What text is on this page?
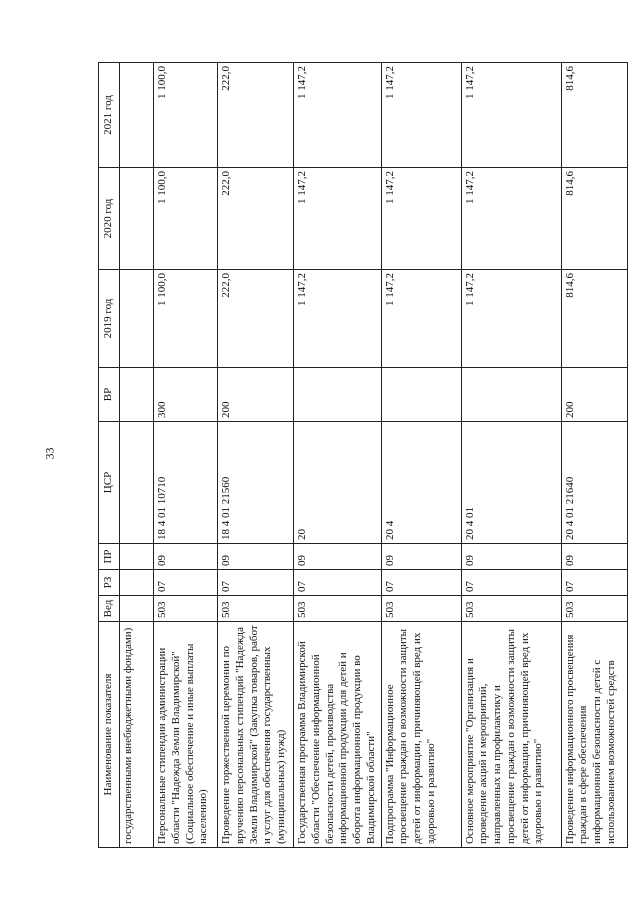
33
Наименование показателя	Вед	РЗ	ПР	ЦСР	ВР	2019 год	2020 год	2021 год
государственными внебюджетными фондами)								
Персональные стипендии администрации области "Надежда Земли Владимирской" (Социальное обеспечение и иные выплаты населению)	503	07	09	18 4 01 10710	300	1 100,0	1 100,0	1 100,0
Проведение торжественной церемонии по вручению персональных стипендий "Надежда Земли Владимирской" (Закупка товаров, работ и услуг для обеспечения государственных (муниципальных) нужд)	503	07	09	18 4 01 21560	200	222,0	222,0	222,0
Государственная программа Владимирской области "Обеспечение информационной безопасности детей, производства информационной продукции для детей и оборота информационной продукции во Владимирской области"	503	07	09	20		1 147,2	1 147,2	1 147,2
Подпрограмма "Информационное просвещение граждан о возможности защиты детей от информации, причиняющей вред их здоровью и развитию"	503	07	09	20 4		1 147,2	1 147,2	1 147,2
Основное мероприятие "Организация и проведение акций и мероприятий, направленных на профилактику и просвещение граждан о возможности защиты детей от информации, причиняющей вред их здоровью и развитию"	503	07	09	20 4 01		1 147,2	1 147,2	1 147,2
Проведение информационного просвещения граждан в сфере обеспечения информационной безопасности детей с использованием возможностей средств	503	07	09	20 4 01 21640	200	814,6	814,6	814,6
